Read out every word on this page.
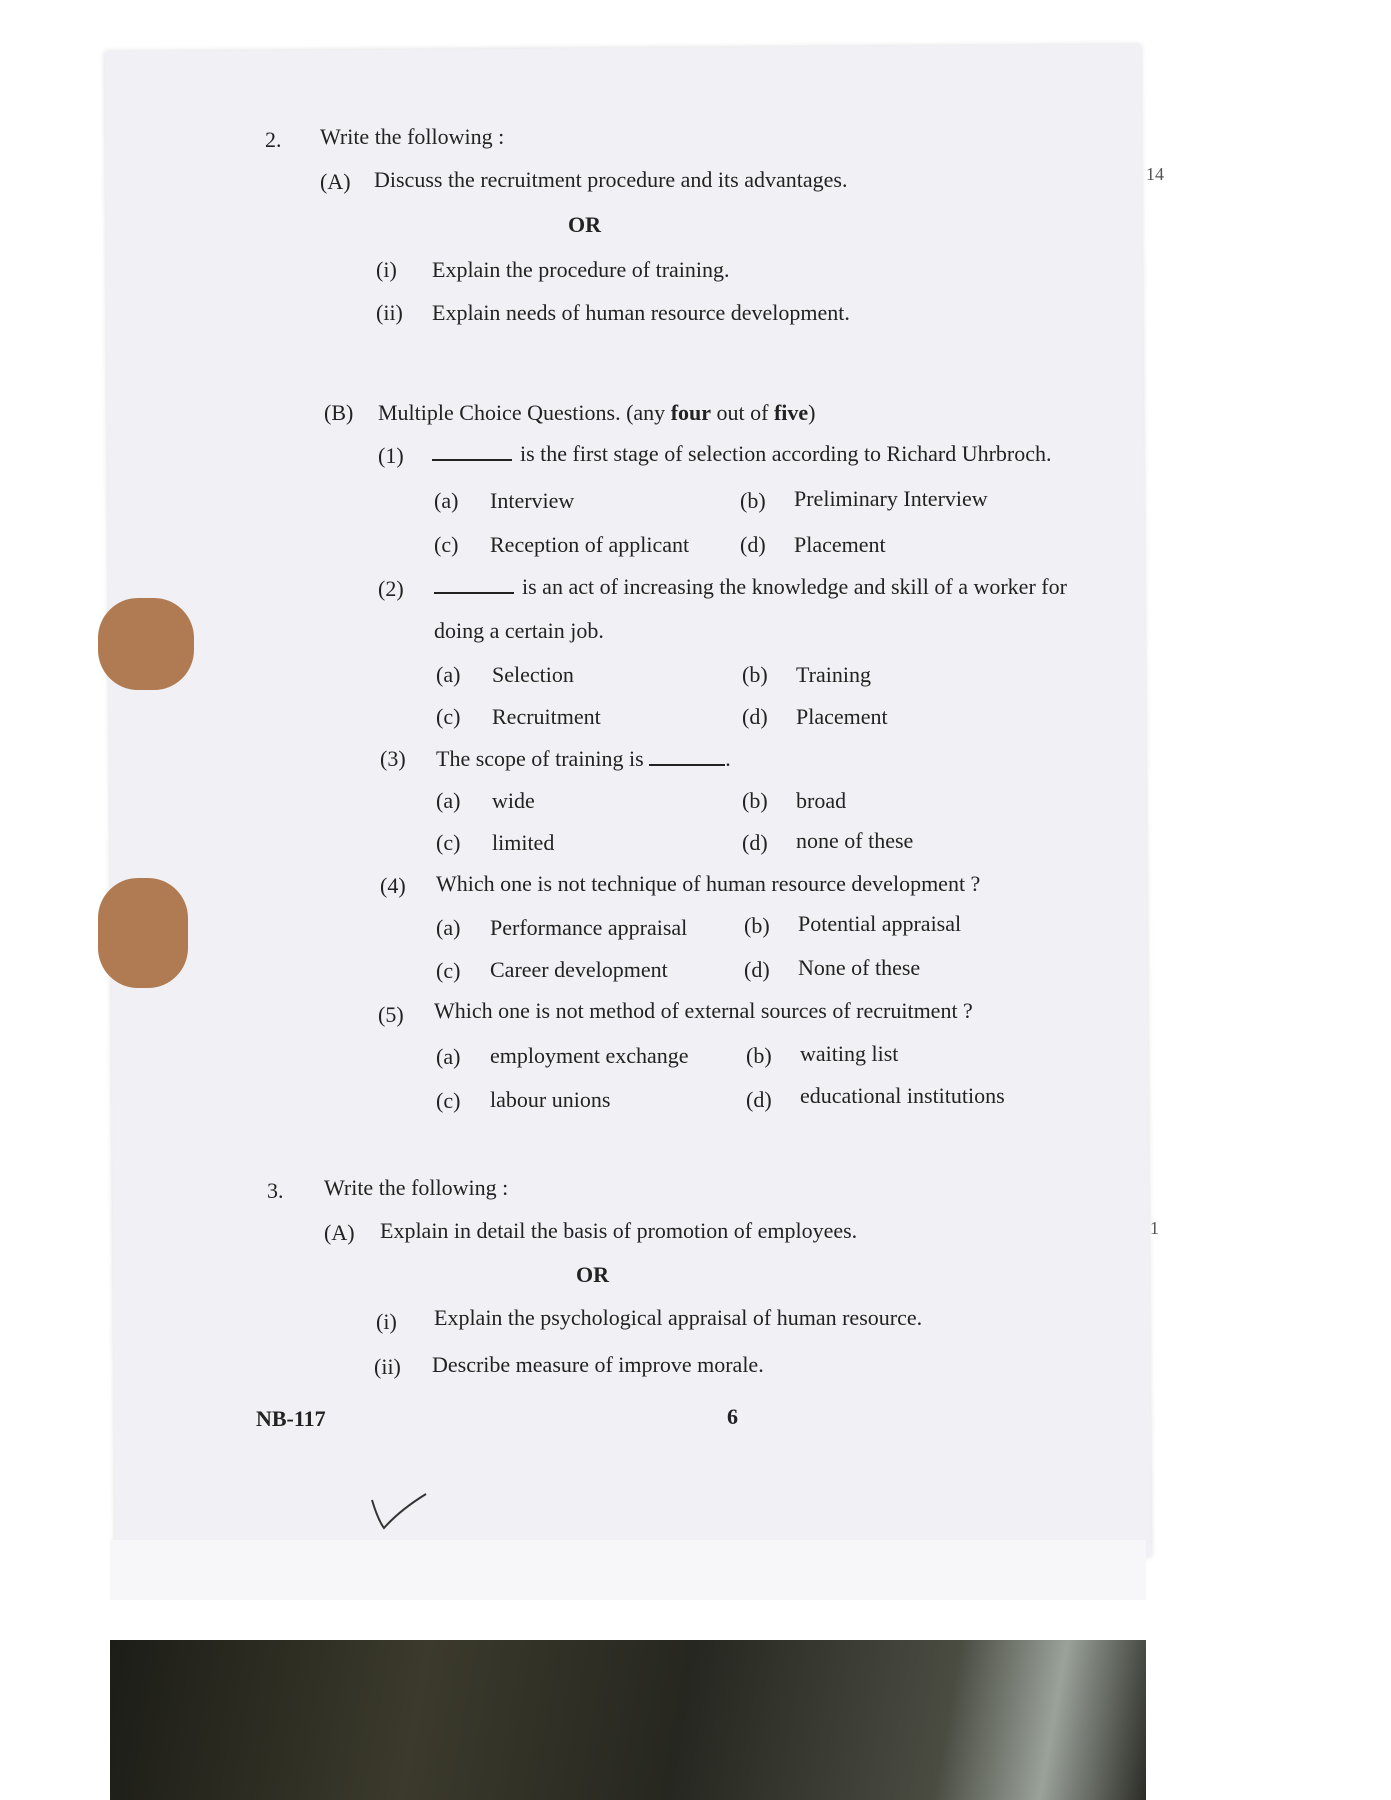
2. Write the following :
(A) Discuss the recruitment procedure and its advantages.
OR
(i) Explain the procedure of training.
(ii) Explain needs of human resource development.
(B) Multiple Choice Questions. (any four out of five)
(1)	is the first stage of selection according to Richard Uhrbroch.
(a) Interview	(b) Preliminary Interview
(c) Reception of applicant (d) Placement
(2)	is an act of increasing the knowledge and skill of a worker for
doing a certain job.
(a) Selection	(b) Training
(c) Recruitment	(d) Placement
(3) The scope of training is	.
(a) wide	(b) broad
(c) limited	(d) none of these
(4) Which one is not technique of human resource development ?
(a) Performance appraisal	(b) Potential appraisal
(c) Career development	(d) None of these
(5) Which one is not method of external sources of recruitment ?
(a) employment exchange	(b) waiting list
(c) labour unions	(d) educational institutions
3. Write the following :
(A) Explain in detail the basis of promotion of employees.
OR
(i) Explain the psychological appraisal of human resource.
(ii) Describe measure of improve morale.
NB-117	6
14
1
